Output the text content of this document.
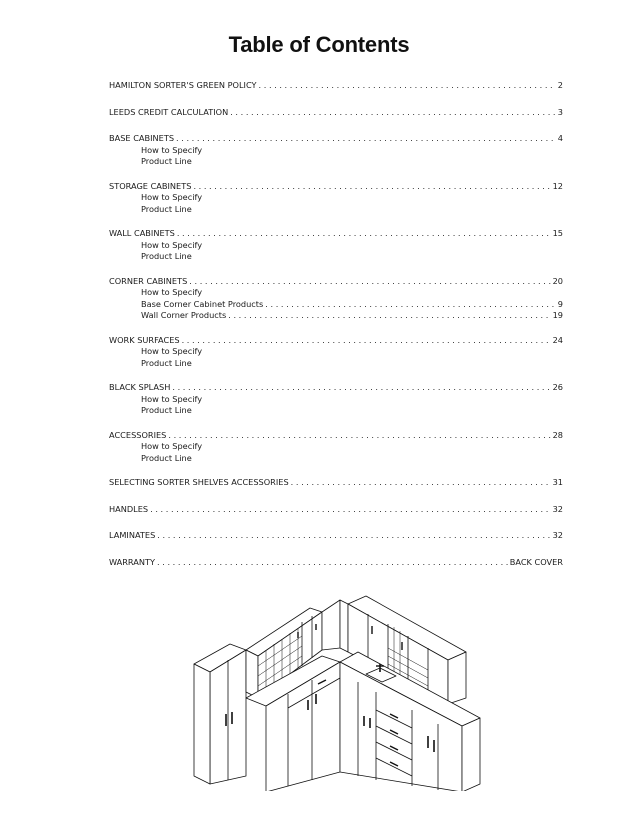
Table of Contents
HAMILTON SORTER'S GREEN POLICY . . .	2
LEEDS CREDIT CALCULATION . . .	3
BASE CABINETS . . .	4
How to Specify
Product Line
STORAGE CABINETS . . .	12
How to Specify
Product Line
WALL CABINETS . . .	15
How to Specify
Product Line
CORNER CABINETS . . .	20
How to Specify
Base Corner Cabinet Products . . .	9
Wall Corner Products . . .	19
WORK SURFACES . . .	24
How to Specify
Product Line
BLACK SPLASH . . .	26
How to Specify
Product Line
ACCESSORIES . . .	28
How to Specify
Product Line
SELECTING SORTER SHELVES ACCESSORIES . . .	31
HANDLES . . .	32
LAMINATES . . .	32
WARRANTY . . .	BACK COVER
